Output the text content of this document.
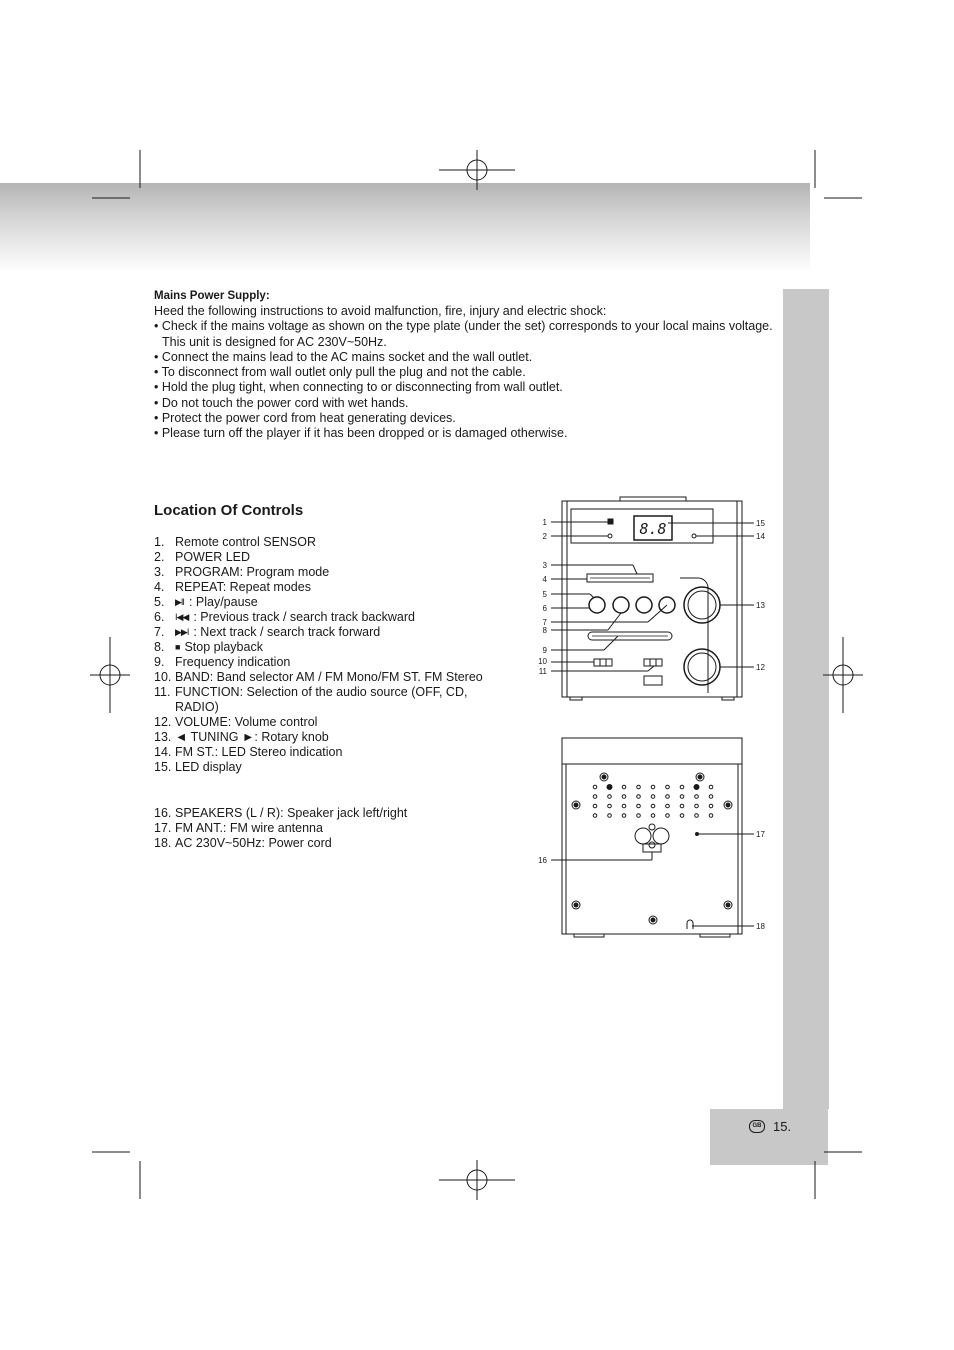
GB 15.
Mains Power Supply:
Heed the following instructions to avoid malfunction, fire, injury and electric shock:
• Check if the mains voltage as shown on the type plate (under the set) corresponds to your local mains voltage. This unit is designed for AC 230V~50Hz.
• Connect the mains lead to the AC mains socket and the wall outlet.
• To disconnect from wall outlet only pull the plug and not the cable.
• Hold the plug tight, when connecting to or disconnecting from wall outlet.
• Do not touch the power cord with wet hands.
• Protect the power cord from heat generating devices.
• Please turn off the player if it has been dropped or is damaged otherwise.
Location Of Controls
1. Remote control SENSOR
2. POWER LED
3. PROGRAM: Program mode
4. REPEAT: Repeat modes
5.	▶II : Play/pause
6.	I◀◀ : Previous track / search track backward
7.	▶▶I : Next track / search track forward
8.	■ Stop playback
9. Frequency indication
10. BAND: Band selector AM / FM Mono/FM ST. FM Stereo
11. FUNCTION: Selection of the audio source (OFF, CD, RADIO)
12. VOLUME: Volume control
13. ◄ TUNING ►: Rotary knob
14. FM ST.: LED Stereo indication
15. LED display
16. SPEAKERS (L / R): Speaker jack left/right
17. FM ANT.: FM wire antenna
18. AC 230V~50Hz: Power cord
1
2
3
4
5
6
7
8
9
10
11
15
14
13
12
16
17
18
8.8
